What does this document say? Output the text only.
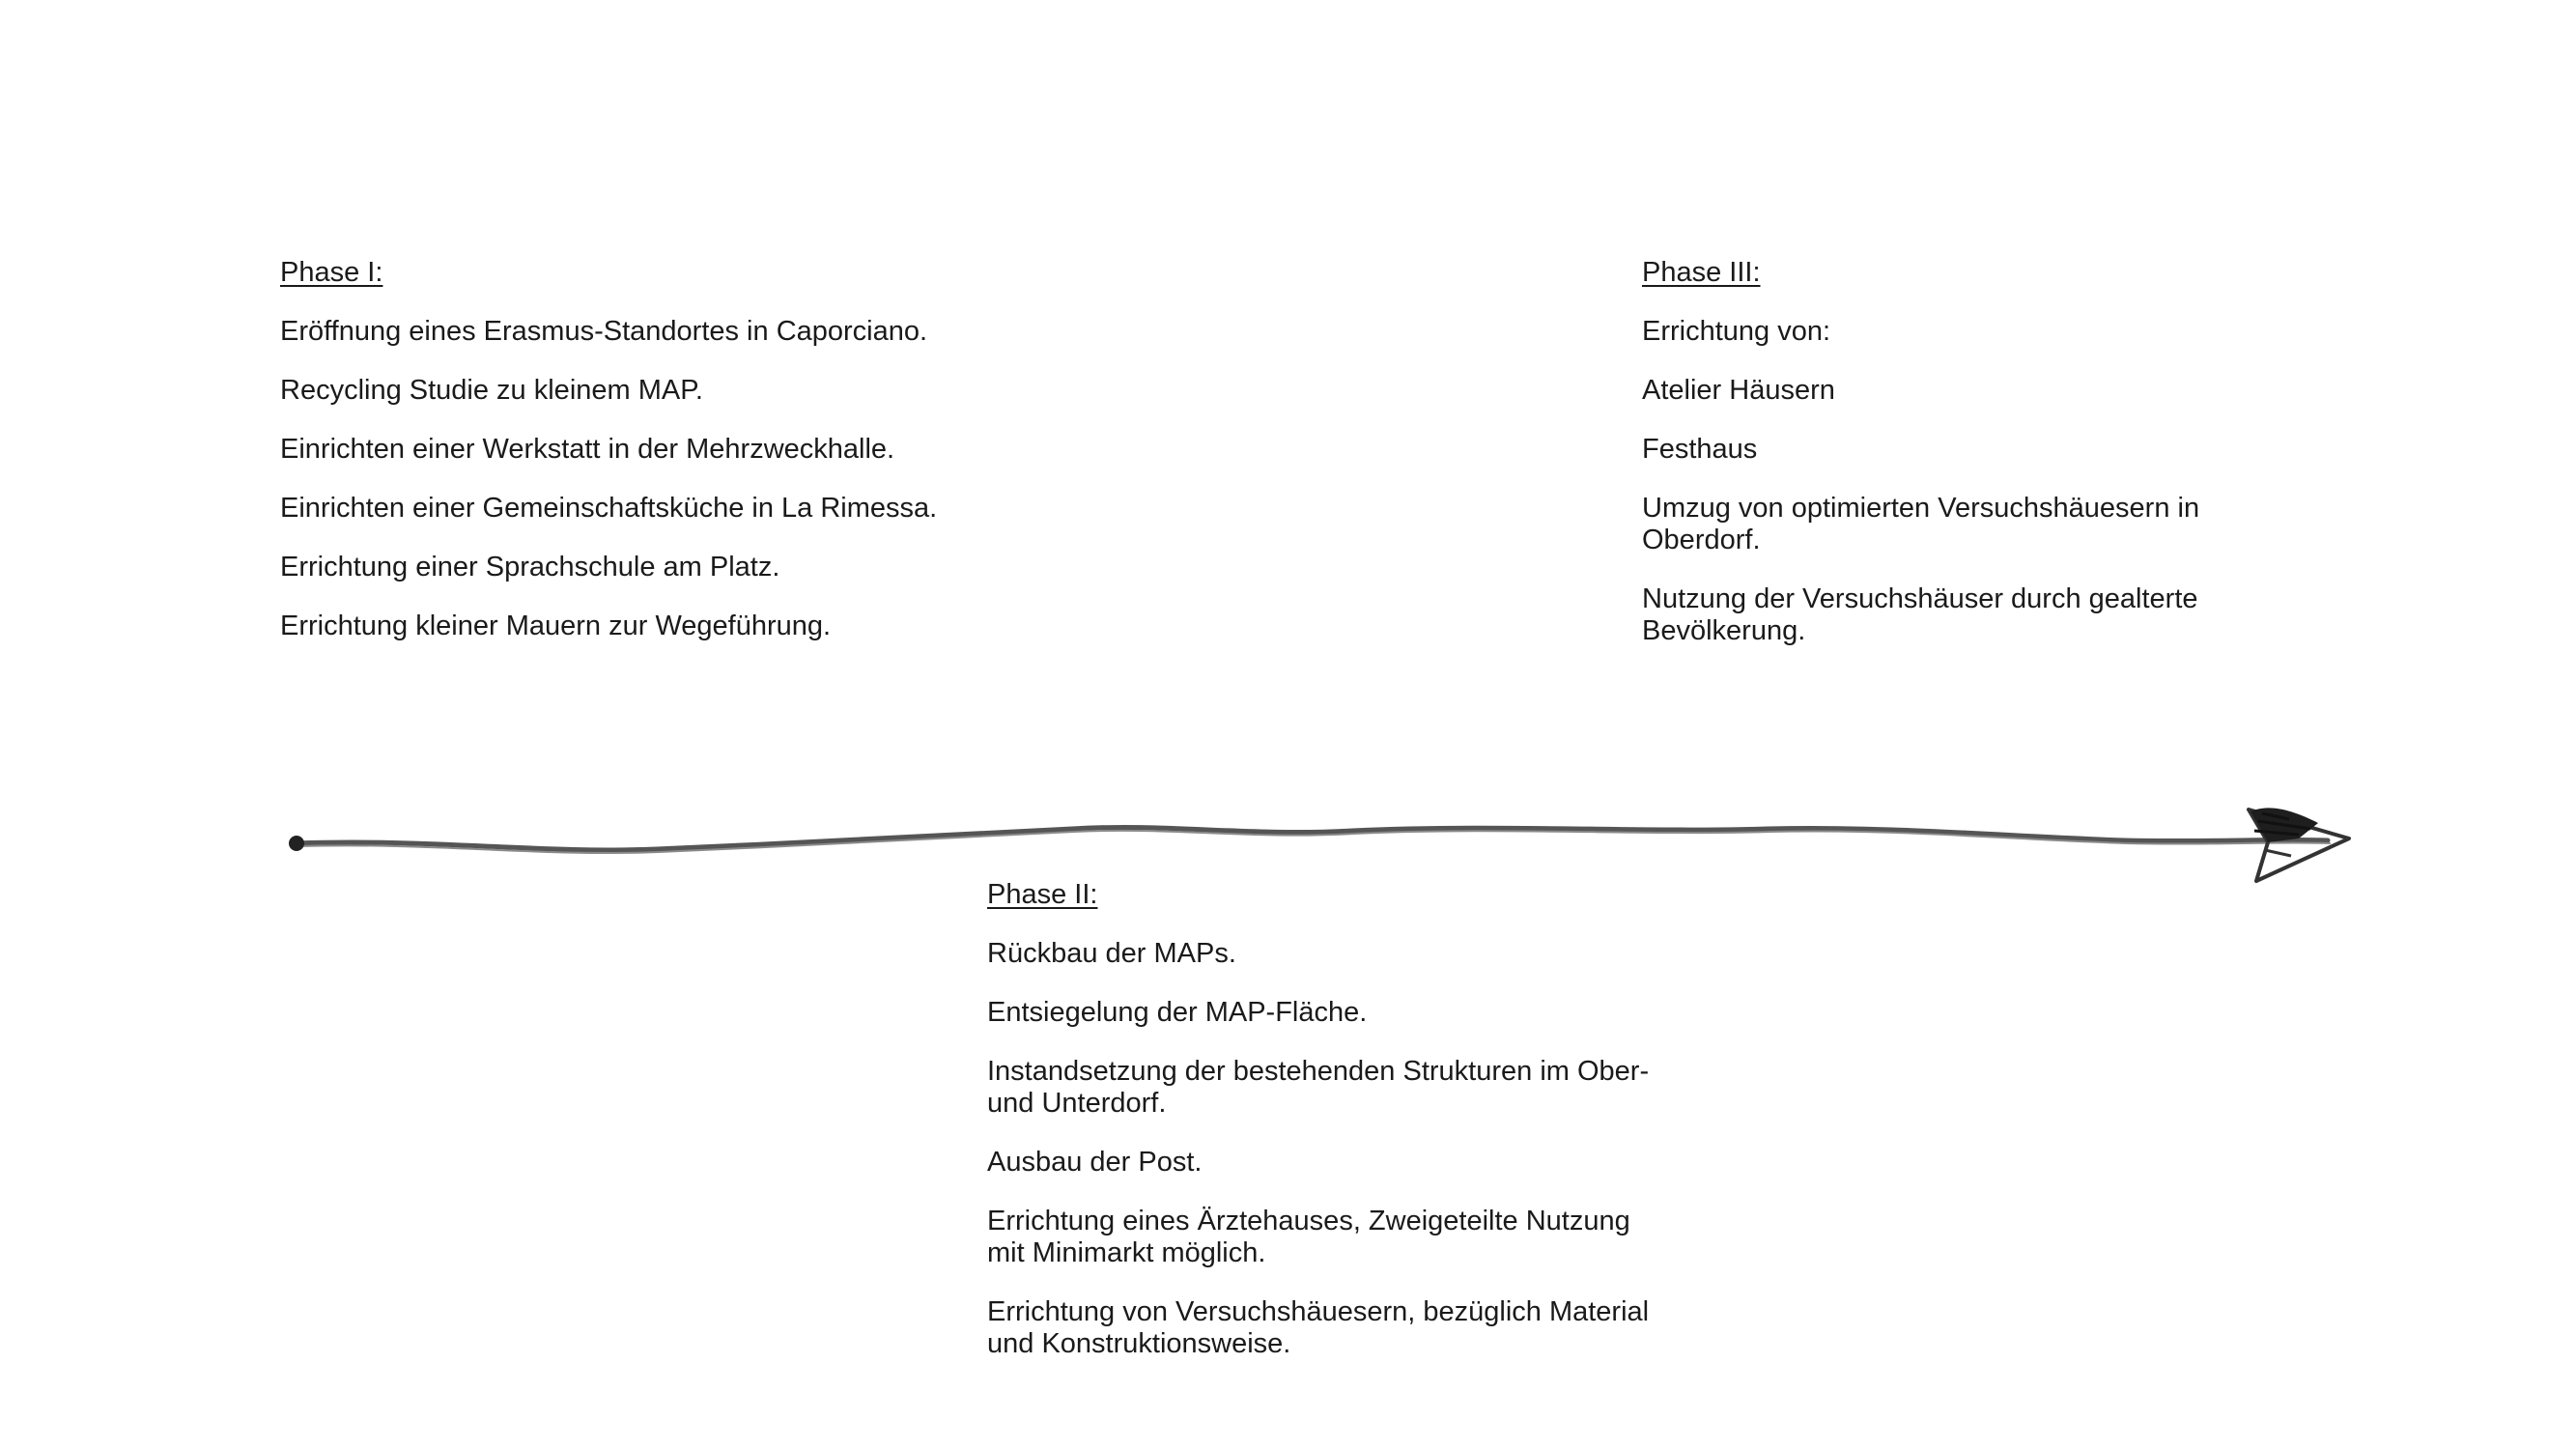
Phase I:
Eröffnung eines Erasmus-Standortes in Caporciano.
Recycling Studie zu kleinem MAP.
Einrichten einer Werkstatt in der Mehrzweckhalle.
Einrichten einer Gemeinschaftsküche in La Rimessa.
Errichtung einer Sprachschule am Platz.
Errichtung kleiner Mauern zur Wegeführung.
Phase II:
Rückbau der MAPs.
Entsiegelung der MAP-Fläche.
Instandsetzung der bestehenden Strukturen im Ober- und Unterdorf.
Ausbau der Post.
Errichtung eines Ärztehauses, Zweigeteilte Nutzung mit Minimarkt möglich.
Errichtung von Versuchshäuesern, bezüglich Material und Konstruktionsweise.
Phase III:
Errichtung von:
Atelier Häusern
Festhaus
Umzug von optimierten Versuchshäuesern in Oberdorf.
Nutzung der Versuchshäuser durch gealterte Bevölkerung.
